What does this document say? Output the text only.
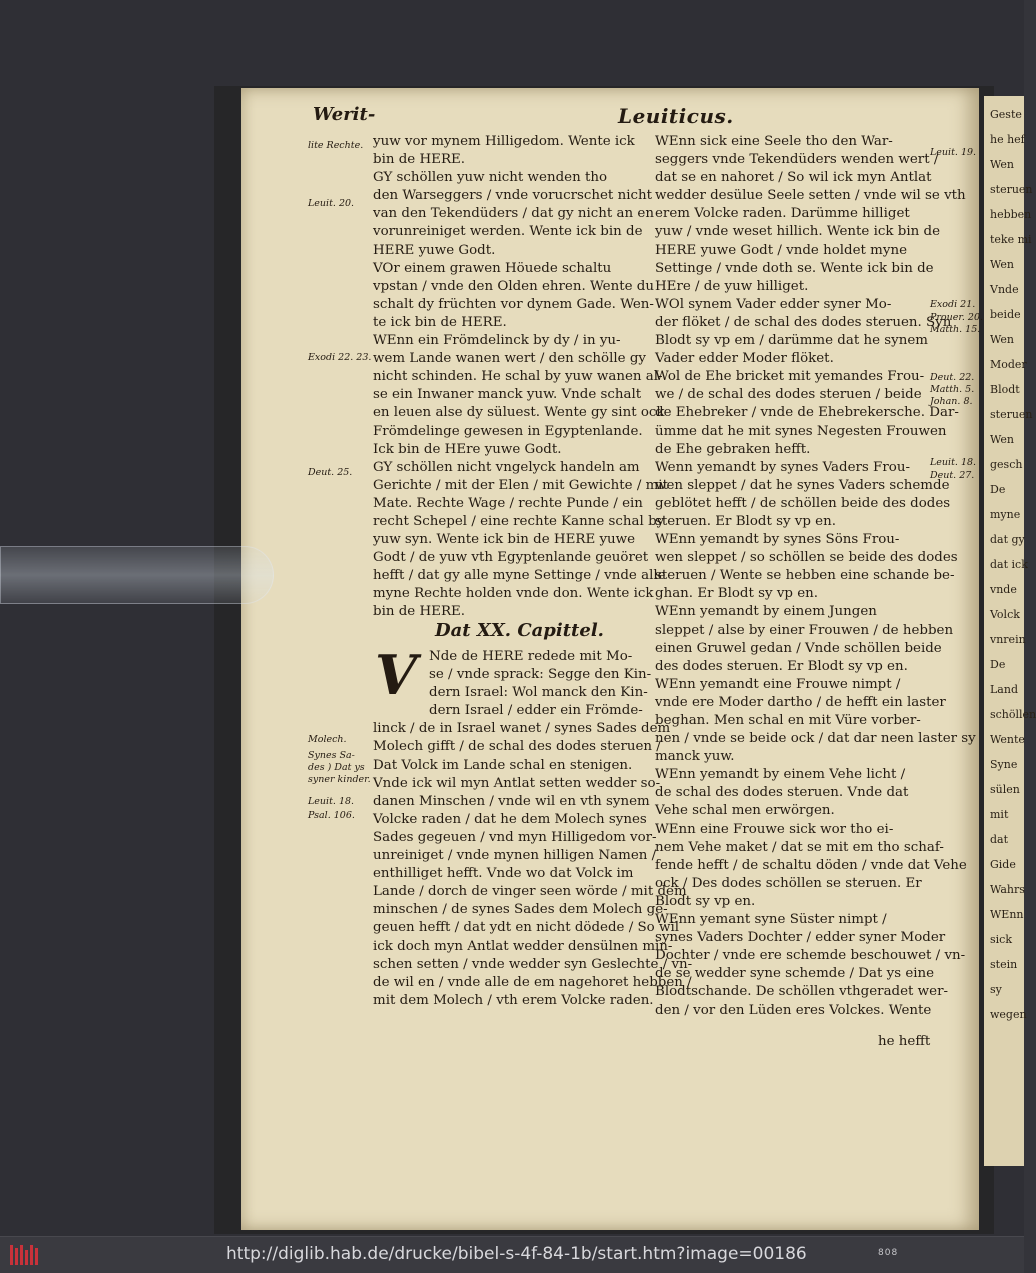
Geste
he hef
Wen
steruen
hebben
teke mi
Wen
Vnde
beide
Wen
Moder
Blodt
steruen
Wen
gesch
De
myne
dat gy
dat ick
vnde
Volck
vnrein
De
Land
schöllen
Wente
Syne
sülen
mit
dat
Gide
Wahrs
WEnn
sick
stein
sy
wegen
Werit-	Leuiticus.
lite Rechte.
Leuit. 20.
Exodi 22. 23.
Deut. 25.
Molech.
Synes Sa-
des ) Dat ys
syner kinder.
Leuit. 18.
Psal. 106.
Leuit. 19.
Exodi 21.
Prouer. 20.
Matth. 15.
Deut. 22.
Matth. 5.
Johan. 8.
Leuit. 18.
Deut. 27.
yuw vor mynem Hilligedom. Wente ick
bin de HERE.
GY schöllen yuw nicht wenden tho
den Warseggers / vnde vorucrschet nicht
van den Tekendüders / dat gy nicht an en
vorunreiniget werden. Wente ick bin de
HERE yuwe Godt.
VOr einem grawen Höuede schaltu
vpstan / vnde den Olden ehren. Wente du
schalt dy früchten vor dynem Gade. Wen-
te ick bin de HERE.
WEnn ein Frömdelinck by dy / in yu-
wem Lande wanen wert / den schölle gy
nicht schinden. He schal by yuw wanen al-
se ein Inwaner manck yuw. Vnde schalt
en leuen alse dy süluest. Wente gy sint ock
Frömdelinge gewesen in Egyptenlande.
Ick bin de HEre yuwe Godt.
GY schöllen nicht vngelyck handeln am
Gerichte / mit der Elen / mit Gewichte / mit
Mate. Rechte Wage / rechte Punde / ein
recht Schepel / eine rechte Kanne schal by
yuw syn. Wente ick bin de HERE yuwe
Godt / de yuw vth Egyptenlande geuöret
hefft / dat gy alle myne Settinge / vnde alle
myne Rechte holden vnde don. Wente ick
bin de HERE.
Dat XX. Capittel.
V Nde de HERE redede mit Mo-
se / vnde sprack: Segge den Kin-
dern Israel: Wol manck den Kin-
dern Israel / edder ein Frömde-
linck / de in Israel wanet / synes Sades dem
Molech gifft / de schal des dodes steruen /
Dat Volck im Lande schal en stenigen.
Vnde ick wil myn Antlat setten wedder so-
danen Minschen / vnde wil en vth synem
Volcke raden / dat he dem Molech synes
Sades gegeuen / vnd myn Hilligedom vor-
unreiniget / vnde mynen hilligen Namen /
enthilliget hefft. Vnde wo dat Volck im
Lande / dorch de vinger seen wörde / mit dem
minschen / de synes Sades dem Molech ge-
geuen hefft / dat ydt en nicht dödede / So wil
ick doch myn Antlat wedder densülnen min-
schen setten / vnde wedder syn Geslechte / vn-
de wil en / vnde alle de em nagehoret hebben /
mit dem Molech / vth erem Volcke raden.
WEnn sick eine Seele tho den War-
seggers vnde Tekendüders wenden wert /
dat se en nahoret / So wil ick myn Antlat
wedder desülue Seele setten / vnde wil se vth
erem Volcke raden. Darümme hilliget
yuw / vnde weset hillich. Wente ick bin de
HERE yuwe Godt / vnde holdet myne
Settinge / vnde doth se. Wente ick bin de
HEre / de yuw hilliget.
WOl synem Vader edder syner Mo-
der flöket / de schal des dodes steruen. Syn
Blodt sy vp em / darümme dat he synem
Vader edder Moder flöket.
Wol de Ehe bricket mit yemandes Frou-
we / de schal des dodes steruen / beide
de Ehebreker / vnde de Ehebrekersche. Dar-
ümme dat he mit synes Negesten Frouwen
de Ehe gebraken hefft.
Wenn yemandt by synes Vaders Frou-
wen sleppet / dat he synes Vaders schemde
geblötet hefft / de schöllen beide des dodes
steruen. Er Blodt sy vp en.
WEnn yemandt by synes Söns Frou-
wen sleppet / so schöllen se beide des dodes
steruen / Wente se hebben eine schande be-
ghan. Er Blodt sy vp en.
WEnn yemandt by einem Jungen
sleppet / alse by einer Frouwen / de hebben
einen Gruwel gedan / Vnde schöllen beide
des dodes steruen. Er Blodt sy vp en.
WEnn yemandt eine Frouwe nimpt /
vnde ere Moder dartho / de hefft ein laster
beghan. Men schal en mit Vüre vorber-
nen / vnde se beide ock / dat dar neen laster sy
manck yuw.
WEnn yemandt by einem Vehe licht /
de schal des dodes steruen. Vnde dat
Vehe schal men erwörgen.
WEnn eine Frouwe sick wor tho ei-
nem Vehe maket / dat se mit em tho schaf-
fende hefft / de schaltu döden / vnde dat Vehe
ock / Des dodes schöllen se steruen. Er
Blodt sy vp en.
WEnn yemant syne Süster nimpt /
synes Vaders Dochter / edder syner Moder
Dochter / vnde ere schemde beschouwet / vn-
de se wedder syne schemde / Dat ys eine
Blodtschande. De schöllen vthgeradet wer-
den / vor den Lüden eres Volckes. Wente
he hefft
http://diglib.hab.de/drucke/bibel-s-4f-84-1b/start.htm?image=00186	808
